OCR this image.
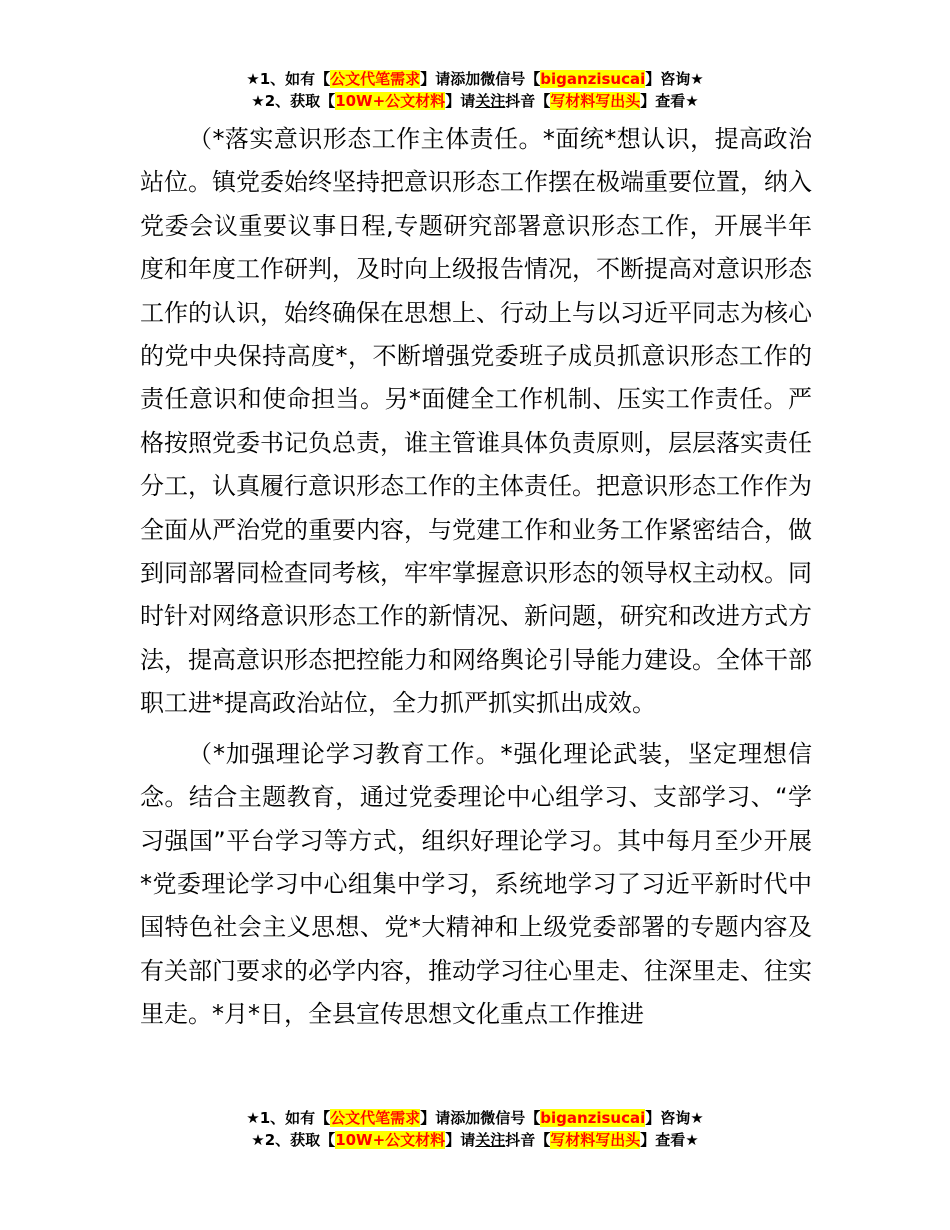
★1、如有【公文代笔需求】请添加微信号【biganzisucai】咨询★
★2、获取【10W+公文材料】请关注抖音【写材料写出头】查看★

（*落实意识形态工作主体责任。*面统*想认识，提高政治站位。镇党委始终坚持把意识形态工作摆在极端重要位置，纳入党委会议重要议事日程,专题研究部署意识形态工作，开展半年度和年度工作研判，及时向上级报告情况，不断提高对意识形态工作的认识，始终确保在思想上、行动上与以习近平同志为核心的党中央保持高度*，不断增强党委班子成员抓意识形态工作的责任意识和使命担当。另*面健全工作机制、压实工作责任。严格按照党委书记负总责，谁主管谁具体负责原则，层层落实责任分工，认真履行意识形态工作的主体责任。把意识形态工作作为全面从严治党的重要内容，与党建工作和业务工作紧密结合，做到同部署同检查同考核，牢牢掌握意识形态的领导权主动权。同时针对网络意识形态工作的新情况、新问题，研究和改进方式方法，提高意识形态把控能力和网络舆论引导能力建设。全体干部职工进*提高政治站位，全力抓严抓实抓出成效。

（*加强理论学习教育工作。*强化理论武装，坚定理想信念。结合主题教育，通过党委理论中心组学习、支部学习、“学习强国”平台学习等方式，组织好理论学习。其中每月至少开展*党委理论学习中心组集中学习，系统地学习了习近平新时代中国特色社会主义思想、党*大精神和上级党委部署的专题内容及有关部门要求的必学内容，推动学习往心里走、往深里走、往实里走。*月*日，全县宣传思想文化重点工作推进

★1、如有【公文代笔需求】请添加微信号【biganzisucai】咨询★
★2、获取【10W+公文材料】请关注抖音【写材料写出头】查看★
